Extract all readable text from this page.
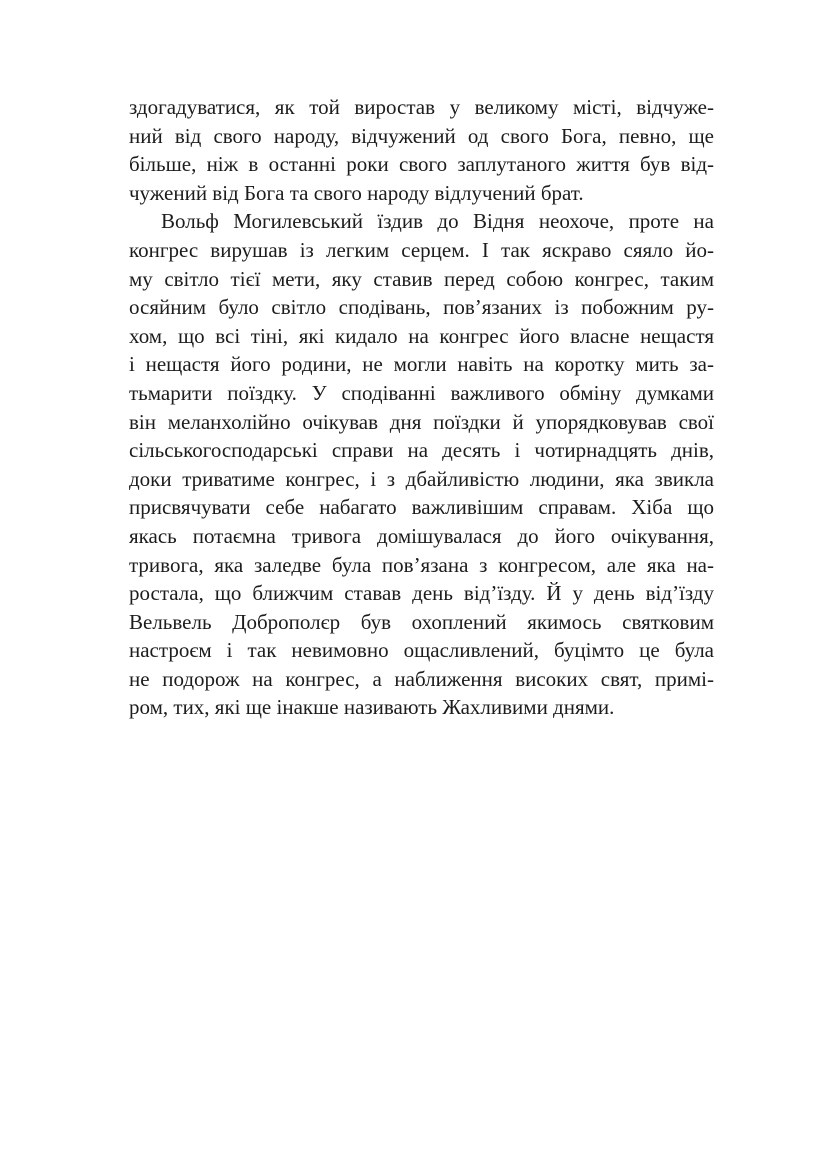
здогадуватися, як той виростав у великому місті, відчуже-
ний від свого народу, відчужений од свого Бога, певно, ще
більше, ніж в останні роки свого заплутаного життя був від-
чужений від Бога та свого народу відлучений брат.
Вольф Могилевський їздив до Відня неохоче, проте на
конгрес вирушав із легким серцем. І так яскраво сяяло йо-
му світло тієї мети, яку ставив перед собою конгрес, таким
осяйним було світло сподівань, пов’язаних із побожним ру-
хом, що всі тіні, які кидало на конгрес його власне нещастя
і нещастя його родини, не могли навіть на коротку мить за-
тьмарити поїздку. У сподіванні важливого обміну думками
він меланхолійно очікував дня поїздки й упорядковував свої
сільськогосподарські справи на десять і чотирнадцять днів,
доки триватиме конгрес, і з дбайливістю людини, яка звикла
присвячувати себе набагато важливішим справам. Хіба що
якась потаємна тривога домішувалася до його очікування,
тривога, яка заледве була пов’язана з конгресом, але яка на-
ростала, що ближчим ставав день від’їзду. Й у день від’їзду
Вельвель Доброполєр був охоплений якимось святковим
настроєм і так невимовно ощасливлений, буцімто це була
не подорож на конгрес, а наближення високих свят, примі-
ром, тих, які ще інакше називають Жахливими днями.
